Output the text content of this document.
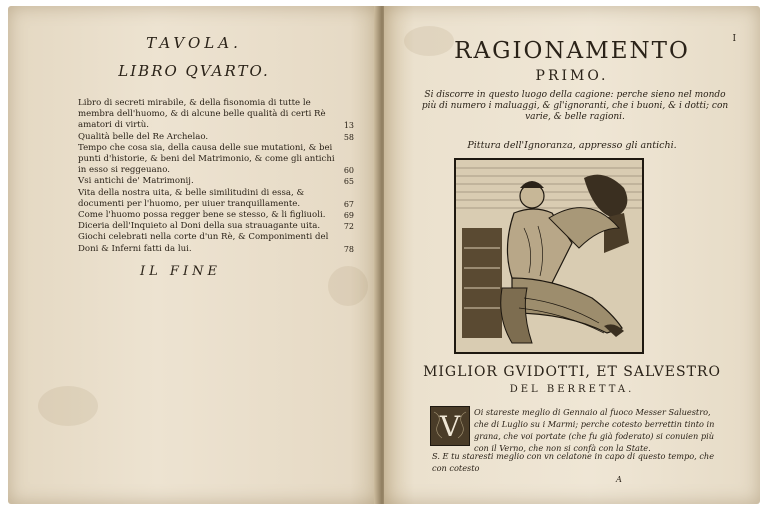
TAVOLA.
LIBRO QVARTO.
Libro di secreti mirabile, & della fisonomia di tutte le membra dell'huomo, & di alcune belle qualità di certi Rè amatori di virtù.	13
Qualità belle del Re Archelao.	58
Tempo che cosa sia, della causa delle sue mutationi, & bei punti d'historie, & beni del Matrimonio, & come gli antichi in esso si reggeuano.	60
Vsi antichi de' Matrimonij.	65
Vita della nostra uita, & belle similitudini di essa, & documenti per l'huomo, per uiuer tranquillamente.	67
Come l'huomo possa regger bene se stesso, & li figliuoli. 69
Diceria dell'Inquieto al Doni della sua strauagante uita.	72
Giochi celebrati nella corte d'un Rè, & Componimenti del Doni & Inferni fatti da lui.	78
IL FINE
I
RAGIONAMENTO
PRIMO.
Si discorre in questo luogo della cagione: perche sieno nel mondo più di numero i maluaggi, & gl'ignoranti, che i buoni, & i dotti; con varie, & belle ragioni.
Pittura dell'Ignoranza, appresso gli antichi.
MIGLIOR GVIDOTTI, ET SALVESTRO
DEL BERRETTA.
V Oi stareste meglio di Gennaio al fuoco Messer Saluestro, che di Luglio su i Marmi; perche cotesto berrettin tinto in grana, che voi portate (che fu già foderato) si conuien più con il Verno, che non si confà con la State.

S. E tu staresti meglio con vn celatone in capo di questo tempo, che con cotesto

A
